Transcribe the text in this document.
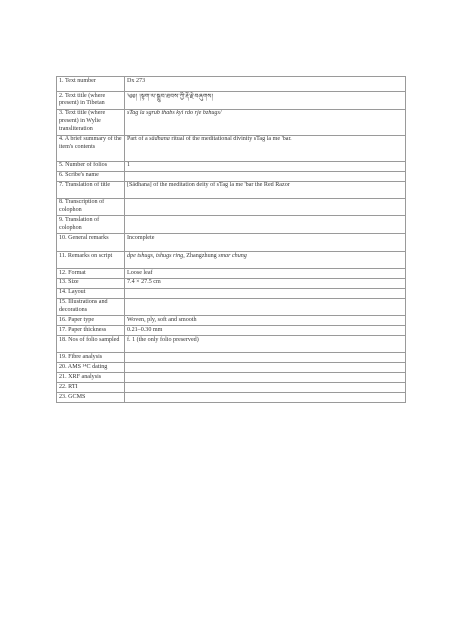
1. Text number	Dx 273
2. Text title (where present) in Tibetan	༄༅། །སྟག་ལ་སྒྲུབ་ཐབས་ཀྱི་རྡོ་རྗེ་བཞུགས།
3. Text title (where present) in Wylie transliteration	sTag la sgrub thabs kyi rdo rje bzhugs/
4. A brief summary of the item's contents	Part of a sādhana ritual of the meditational divinity sTag la me 'bar.
5. Number of folios	1
6. Scribe's name	
7. Translation of title	[Sādhana] of the meditation deity of sTag la me 'bar the Red Razor
8. Transcription of colophon	
9. Translation of colophon	
10. General remarks	Incomplete
11. Remarks on script	dpe tshugs, tshugs ring, Zhangzhung smar chung
12. Format	Loose leaf
13. Size	7.4 × 27.5 cm
14. Layout	
15. Illustrations and decorations	
16. Paper type	Woven, ply, soft and smooth
17. Paper thickness	0.21–0.30 mm
18. Nos of folio sampled	f. 1 (the only folio preserved)
19. Fibre analysis	
20. AMS ¹⁴C dating	
21. XRF analysis	
22. RTI	
23. GCMS	
